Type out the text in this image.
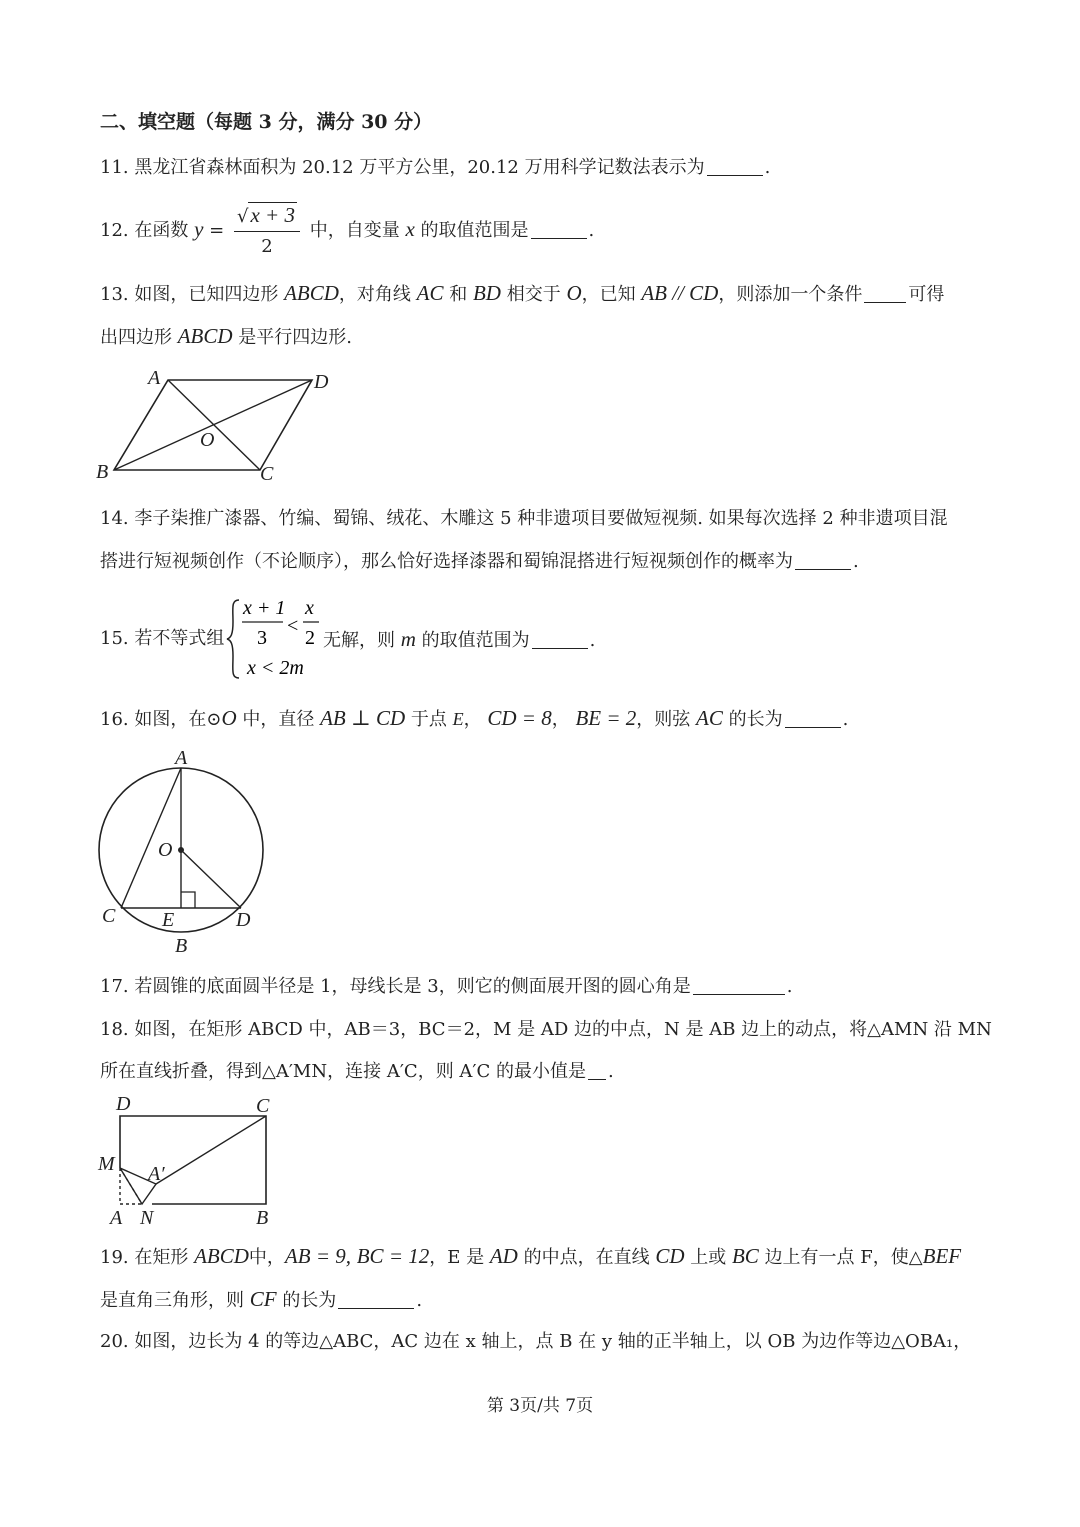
二、填空题（每题 3 分，满分 30 分）
11. 黑龙江省森林面积为 20.12 万平方公里，20.12 万用科学记数法表示为	.
12. 在函数 $y = \frac{√x + 3}{2}$ 中，自变量 x 的取值范围是	.
13. 如图，已知四边形 ABCD，对角线 AC 和 BD 相交于 O，已知 AB // CD，则添加一个条件	可得
出四边形 ABCD 是平行四边形.
A	D
O
B	C
14. 李子柒推广漆器、竹编、蜀锦、绒花、木雕这 5 种非遗项目要做短视频. 如果每次选择 2 种非遗项目混
搭进行短视频创作（不论顺序），那么恰好选择漆器和蜀锦混搭进行短视频创作的概率为	.
15. 若不等式组
x + 1
3
<
x
2
x < 2m
无解，则 m 的取值范围为	.
16. 如图，在⊙O 中，直径 AB ⊥ CD 于点 E， CD = 8， BE = 2，则弦 AC 的长为	.
A
O
C E	D
B
17. 若圆锥的底面圆半径是 1，母线长是 3，则它的侧面展开图的圆心角是	.
18. 如图，在矩形 ABCD 中，AB＝3，BC＝2，M 是 AD 边的中点，N 是 AB 边上的动点，将△AMN 沿 MN
所在直线折叠，得到△A′MN，连接 A′C，则 A′C 的最小值是 .
D	C
M A′
A N	B
19. 在矩形 ABCD中，AB = 9, BC = 12，E 是 AD 的中点，在直线 CD 上或 BC 边上有一点 F，使△BEF
是直角三角形，则 CF 的长为	.
20. 如图，边长为 4 的等边△ABC，AC 边在 x 轴上，点 B 在 y 轴的正半轴上，以 OB 为边作等边△OBA₁，
第 3页/共 7页
